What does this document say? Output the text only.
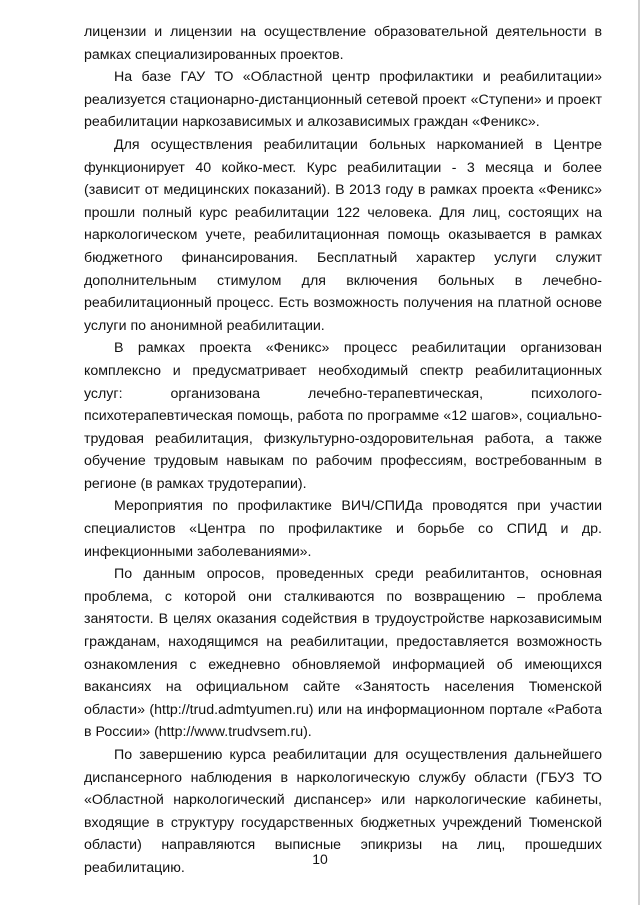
лицензии и лицензии на осуществление образовательной деятельности в рамках специализированных проектов.

На базе ГАУ ТО «Областной центр профилактики и реабилитации» реализуется стационарно-дистанционный сетевой проект «Ступени» и проект реабилитации наркозависимых и алкозависимых граждан «Феникс».

Для осуществления реабилитации больных наркоманией в Центре функционирует 40 койко-мест. Курс реабилитации - 3 месяца и более (зависит от медицинских показаний). В 2013 году в рамках проекта «Феникс» прошли полный курс реабилитации 122 человека. Для лиц, состоящих на наркологическом учете, реабилитационная помощь оказывается в рамках бюджетного финансирования. Бесплатный характер услуги служит дополнительным стимулом для включения больных в лечебно-реабилитационный процесс. Есть возможность получения на платной основе услуги по анонимной реабилитации.

В рамках проекта «Феникс» процесс реабилитации организован комплексно и предусматривает необходимый спектр реабилитационных услуг: организована лечебно-терапевтическая, психолого-психотерапевтическая помощь, работа по программе «12 шагов», социально-трудовая реабилитация, физкультурно-оздоровительная работа, а также обучение трудовым навыкам по рабочим профессиям, востребованным в регионе (в рамках трудотерапии).

Мероприятия по профилактике ВИЧ/СПИДа проводятся при участии специалистов «Центра по профилактике и борьбе со СПИД и др. инфекционными заболеваниями».

По данным опросов, проведенных среди реабилитантов, основная проблема, с которой они сталкиваются по возвращению – проблема занятости. В целях оказания содействия в трудоустройстве наркозависимым гражданам, находящимся на реабилитации, предоставляется возможность ознакомления с ежедневно обновляемой информацией об имеющихся вакансиях на официальном сайте «Занятость населения Тюменской области» (http://trud.admtyumen.ru) или на информационном портале «Работа в России» (http://www.trudvsem.ru).

По завершению курса реабилитации для осуществления дальнейшего диспансерного наблюдения в наркологическую службу области (ГБУЗ ТО «Областной наркологический диспансер» или наркологические кабинеты, входящие в структуру государственных бюджетных учреждений Тюменской области) направляются выписные эпикризы на лиц, прошедших реабилитацию.

10
